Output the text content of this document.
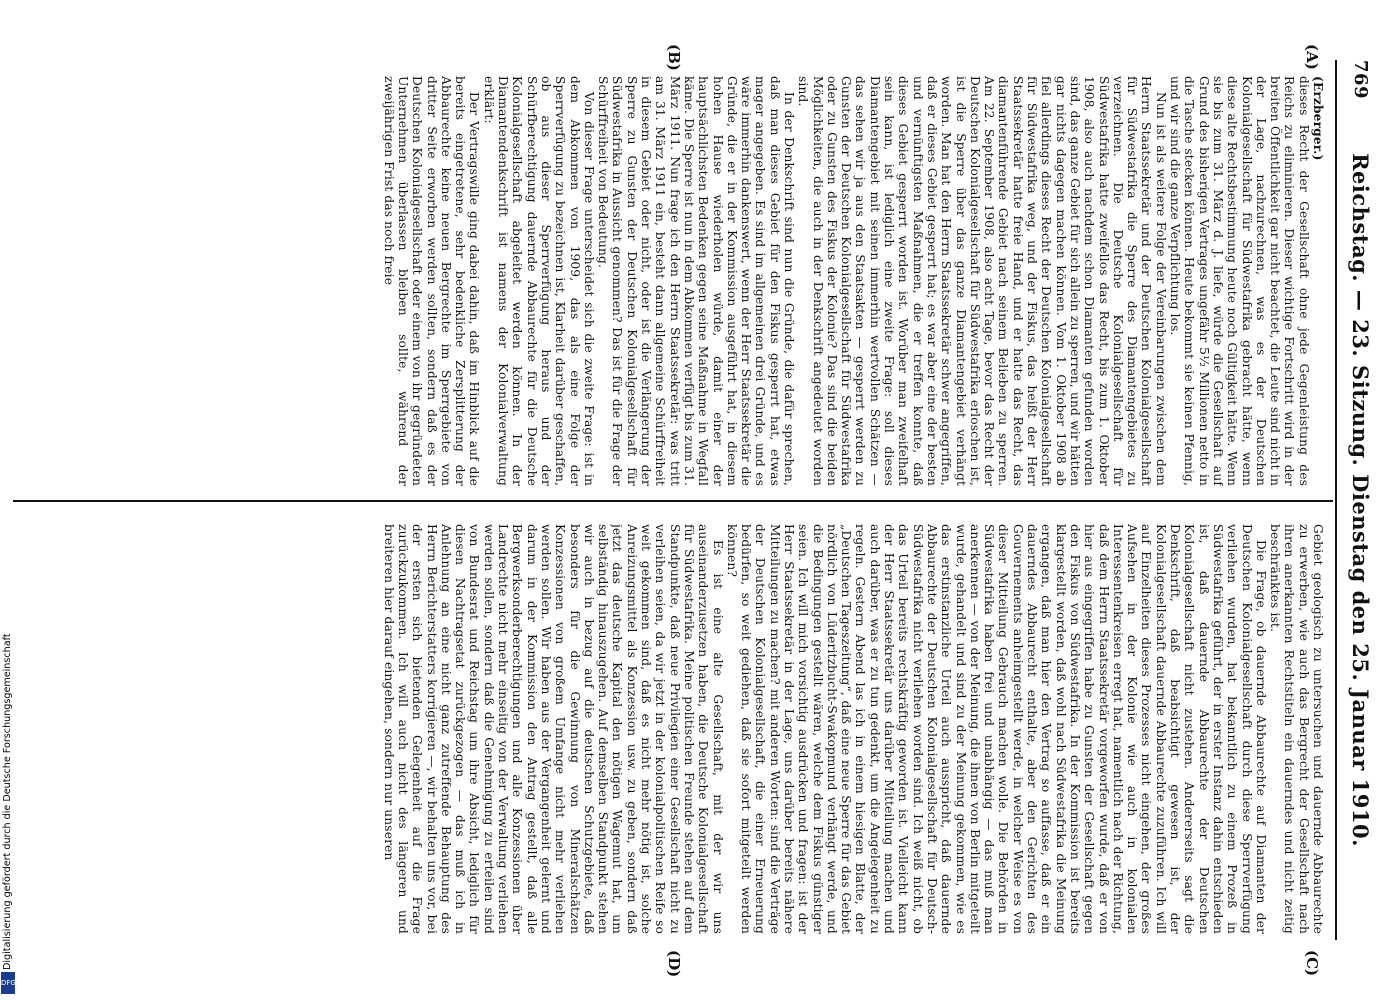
769
Reichstag. — 23. Sitzung. Dienstag den 25. Januar 1910.

(Erzberger.)

dieses Recht der Gesellschaft ohne jede Gegenleistung des Reichs zu eliminieren. Dieser wichtige Fortschritt wird in der breiten Öffentlichkeit gar nicht beachtet, die Leute sind nicht in der Lage, nachzurechnen, was es der Deutschen Kolonialgesellschaft für Südwestafrika gebracht hätte, wenn diese alte Rechtsbestimmung heute noch Gültigkeit hätte. Wenn sie bis zum 31. März d. J. liefe, würde die Gesellschaft auf Grund des bisherigen Vertrages ungefähr 5½ Millionen netto in die Tasche stecken können. Heute bekommt sie keinen Pfennig, und wir sind die ganze Verpflichtung los.

Nun ist als weitere Folge der Vereinbarungen zwischen dem Herrn Staatssekretär und der Deutschen Kolonialgesellschaft für Südwestafrika die Sperre des Diamantengebietes zu verzeichnen. Die Deutsche Kolonialgesellschaft für Südwestafrika hatte zweifellos das Recht, bis zum 1. Oktober 1908, also auch nachdem schon Diamanten gefunden worden sind, das ganze Gebiet für sich allein zu sperren, und wir hätten gar nichts dagegen machen können. Vom 1. Oktober 1908 ab fiel allerdings dieses Recht der Deutschen Kolonialgesellschaft für Südwestafrika weg, und der Fiskus, das heißt der Herr Staatssekretär hatte freie Hand, und er hatte das Recht, das diamantenführende Gebiet nach seinem Belieben zu sperren. Am 22. September 1908, also acht Tage, bevor das Recht der Deutschen Kolonialgesellschaft für Südwestafrika erloschen ist, ist die Sperre über das ganze Diamantengebiet verhängt worden. Man hat den Herrn Staatssekretär schwer angegriffen, daß er dieses Gebiet gesperrt hat; es war aber eine der besten und vernünftigsten Maßnahmen, die er treffen konnte, daß dieses Gebiet gesperrt worden ist. Worüber man zweifelhaft sein kann, ist lediglich eine zweite Frage: soll dieses Diamantengebiet mit seinen immerhin wertvollen Schätzen — das sehen wir ja aus den Staatsakten — gesperrt werden zu Gunsten der Deutschen Kolonialgesellschaft für Südwestafrika oder zu Gunsten des Fiskus der Kolonie? Das sind die beiden Möglichkeiten, die auch in der Denkschrift angedeutet worden sind.

In der Denkschrift sind nun die Gründe, die dafür sprechen, daß man dieses Gebiet für den Fiskus gesperrt hat, etwas mager angegeben. Es sind im allgemeinen drei Gründe, und es wäre immerhin dankenswert, wenn der Herr Staatssekretär die Gründe, die er in der Kommission ausgeführt hat, in diesem hohen Hause wiederholen würde, damit einer der hauptsächlichsten Bedenken gegen seine Maßnahme in Wegfall käme. Die Sperre ist nun in dem Abkommen verfügt bis zum 31. März 1911. Nun frage ich den Herrn Staatssekretär: was tritt am 31. März 1911 ein, besteht dann allgemeine Schürffreiheit in diesem Gebiet oder nicht, oder ist die Verlängerung der Sperre zu Gunsten der Deutschen Kolonialgesellschaft für Südwestafrika in Aussicht genommen? Das ist für die Frage der Schürffreiheit von Bedeutung.

Von dieser Frage unterscheidet sich die zweite Frage: ist in dem Abkommen von 1909, das als eine Folge der Sperrverfügung zu bezeichnen ist, Klarheit darüber geschaffen, ob aus dieser Sperrverfügung heraus und der Schürfberechtigung dauernde Abbaurechte für die Deutsche Kolonialgesellschaft abgeleitet werden können. In der Diamantendenkschrift ist namens der Kolonialverwaltung erklärt:

Der Vertragswille ging dabei dahin, daß im Hinblick auf die bereits eingetretene, sehr bedenkliche Zersplitterung der Abbaurechte keine neuen Bergrechte im Sperrgebiete von dritter Seite erworben werden sollten, sondern daß es der Deutschen Kolonialgesellschaft oder einem von ihr gegründeten Unternehmen überlassen bleiben sollte, während der zweijährigen Frist das noch freie

Gebiet geologisch zu untersuchen und dauernde Abbaurechte zu erwerben, wie auch das Bergrecht der Gesellschaft nach ihren anerkannten Rechtstiteln ein dauerndes und nicht zeitig beschränktes ist.

Die Frage, ob dauernde Abbaurechte auf Diamanten der Deutschen Kolonialgesellschaft durch diese Sperrverfügung verliehen wurden, hat bekanntlich zu einem Prozeß in Südwestafrika geführt, der in erster Instanz dahin entschieden ist, daß dauernde Abbaurechte der Deutschen Kolonialgesellschaft nicht zustehen. Andererseits sagt die Denkschrift, daß beabsichtigt gewesen ist, der Kolonialgesellschaft dauernde Abbaurechte zuzuführen. Ich will auf Einzelheiten dieses Prozesses nicht eingehen, der großes Aufsehen in der Kolonie wie auch in kolonialen Interessentenkreisen erregt hat, namentlich nach der Richtung, daß dem Herrn Staatssekretär vorgeworfen wurde, daß er von hier aus eingegriffen habe zu Gunsten der Gesellschaft gegen den Fiskus von Südwestafrika. In der Kommission ist bereits klargestellt worden, daß wohl nach Südwestafrika die Meinung ergangen, daß man hier den Vertrag so auffasse, daß er ein dauerndes Abbaurecht enthalte, aber den Gerichten des Gouvernements anheimgestellt werde, in welcher Weise es von dieser Mitteilung Gebrauch machen wolle. Die Behörden in Südwestafrika haben frei und unabhängig — das muß man anerkennen — von der Meinung, die ihnen von Berlin mitgeteilt wurde, gehandelt und sind zu der Meinung gekommen, wie es das erstinstanzliche Urteil auch ausspricht, daß dauernde Abbaurechte der Deutschen Kolonialgesellschaft für Deutsch-Südwestafrika nicht verliehen worden sind. Ich weiß nicht, ob das Urteil bereits rechtskräftig geworden ist. Vielleicht kann der Herr Staatssekretär uns darüber Mitteilung machen und auch darüber, was er zu tun gedenkt, um die Angelegenheit zu regeln. Gestern Abend las ich in einem hiesigen Blatte, der „Deutschen Tageszeitung“, daß eine neue Sperre für das Gebiet nördlich von Lüderitzbucht-Swakopmund verhängt werde, und die Bedingungen gestellt wären, welche dem Fiskus günstiger seien. Ich will mich vorsichtig ausdrücken und fragen: ist der Herr Staatssekretär in der Lage, uns darüber bereits nähere Mitteilungen zu machen? mit anderen Worten: sind die Verträge der Deutschen Kolonialgesellschaft, die einer Erneuerung bedürfen, so weit gediehen, daß sie sofort mitgeteilt werden können?

Es ist eine alte Gesellschaft, mit der wir uns auseinanderzusetzen haben, die Deutsche Kolonialgesellschaft für Südwestafrika. Meine politischen Freunde stehen auf dem Standpunkte, daß neue Privilegien einer Gesellschaft nicht zu verleihen seien, da wir jetzt in der kolonialpolitischen Reife so weit gekommen sind, daß es nicht mehr nötig ist, solche Anreizungsmittel als Konzession usw. zu geben, sondern daß jetzt das deutsche Kapital den nötigen Wagemut hat, um selbständig hinauszugehen. Auf demselben Standpunkt stehen wir auch in bezug auf die deutschen Schutzgebiete, daß besonders für die Gewinnung von Mineralschätzen Konzessionen von großem Umfange nicht mehr verliehen werden sollen. Wir haben aus der Vergangenheit gelernt und darum in der Kommission den Antrag gestellt, daß alle Bergwerksonderberechtigungen und alle Konzessionen über Landrechte nicht mehr einseitig von der Verwaltung verliehen werden sollen, sondern daß die Genehmigung zu erteilen sind von Bundesrat und Reichstag um ihre Absicht, lediglich für diesen Nachtragsetat zurückgezogen — das muß ich in Anlehnung an eine nicht ganz zutreffende Behauptung des Herrn Berichterstatters korrigieren —, wir behalten uns vor, bei der ersten sich bietenden Gelegenheit auf die Frage zurückzukommen. Ich will auch nicht des längeren und breiteren hier darauf eingehen, sondern nur unseren

(A)
(B)
(C)
(D)
Digitalisierung gefördert durch die Deutsche Forschungsgemeinschaft
DFG
